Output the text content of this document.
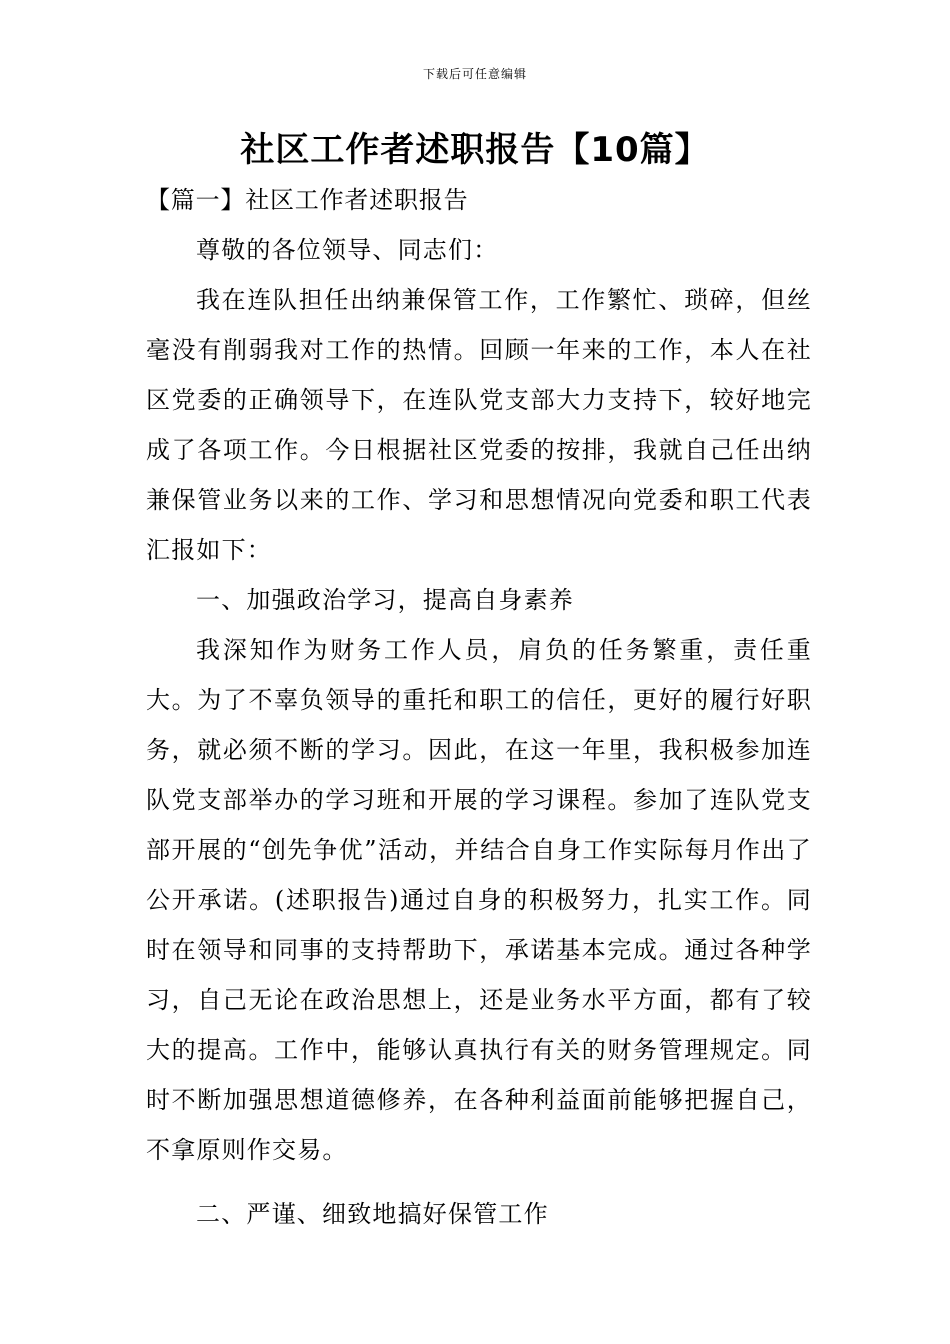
下载后可任意编辑
社区工作者述职报告【10篇】

【篇一】社区工作者述职报告

尊敬的各位领导、同志们：

我在连队担任出纳兼保管工作，工作繁忙、琐碎，但丝毫没有削弱我对工作的热情。回顾一年来的工作，本人在社区党委的正确领导下，在连队党支部大力支持下，较好地完成了各项工作。今日根据社区党委的按排，我就自己任出纳兼保管业务以来的工作、学习和思想情况向党委和职工代表汇报如下：

一、加强政治学习，提高自身素养

我深知作为财务工作人员，肩负的任务繁重，责任重大。为了不辜负领导的重托和职工的信任，更好的履行好职务，就必须不断的学习。因此，在这一年里，我积极参加连队党支部举办的学习班和开展的学习课程。参加了连队党支部开展的“创先争优”活动，并结合自身工作实际每月作出了公开承诺。(述职报告)通过自身的积极努力，扎实工作。同时在领导和同事的支持帮助下，承诺基本完成。通过各种学习，自己无论在政治思想上，还是业务水平方面，都有了较大的提高。工作中，能够认真执行有关的财务管理规定。同时不断加强思想道德修养，在各种利益面前能够把握自己，不拿原则作交易。

二、严谨、细致地搞好保管工作
